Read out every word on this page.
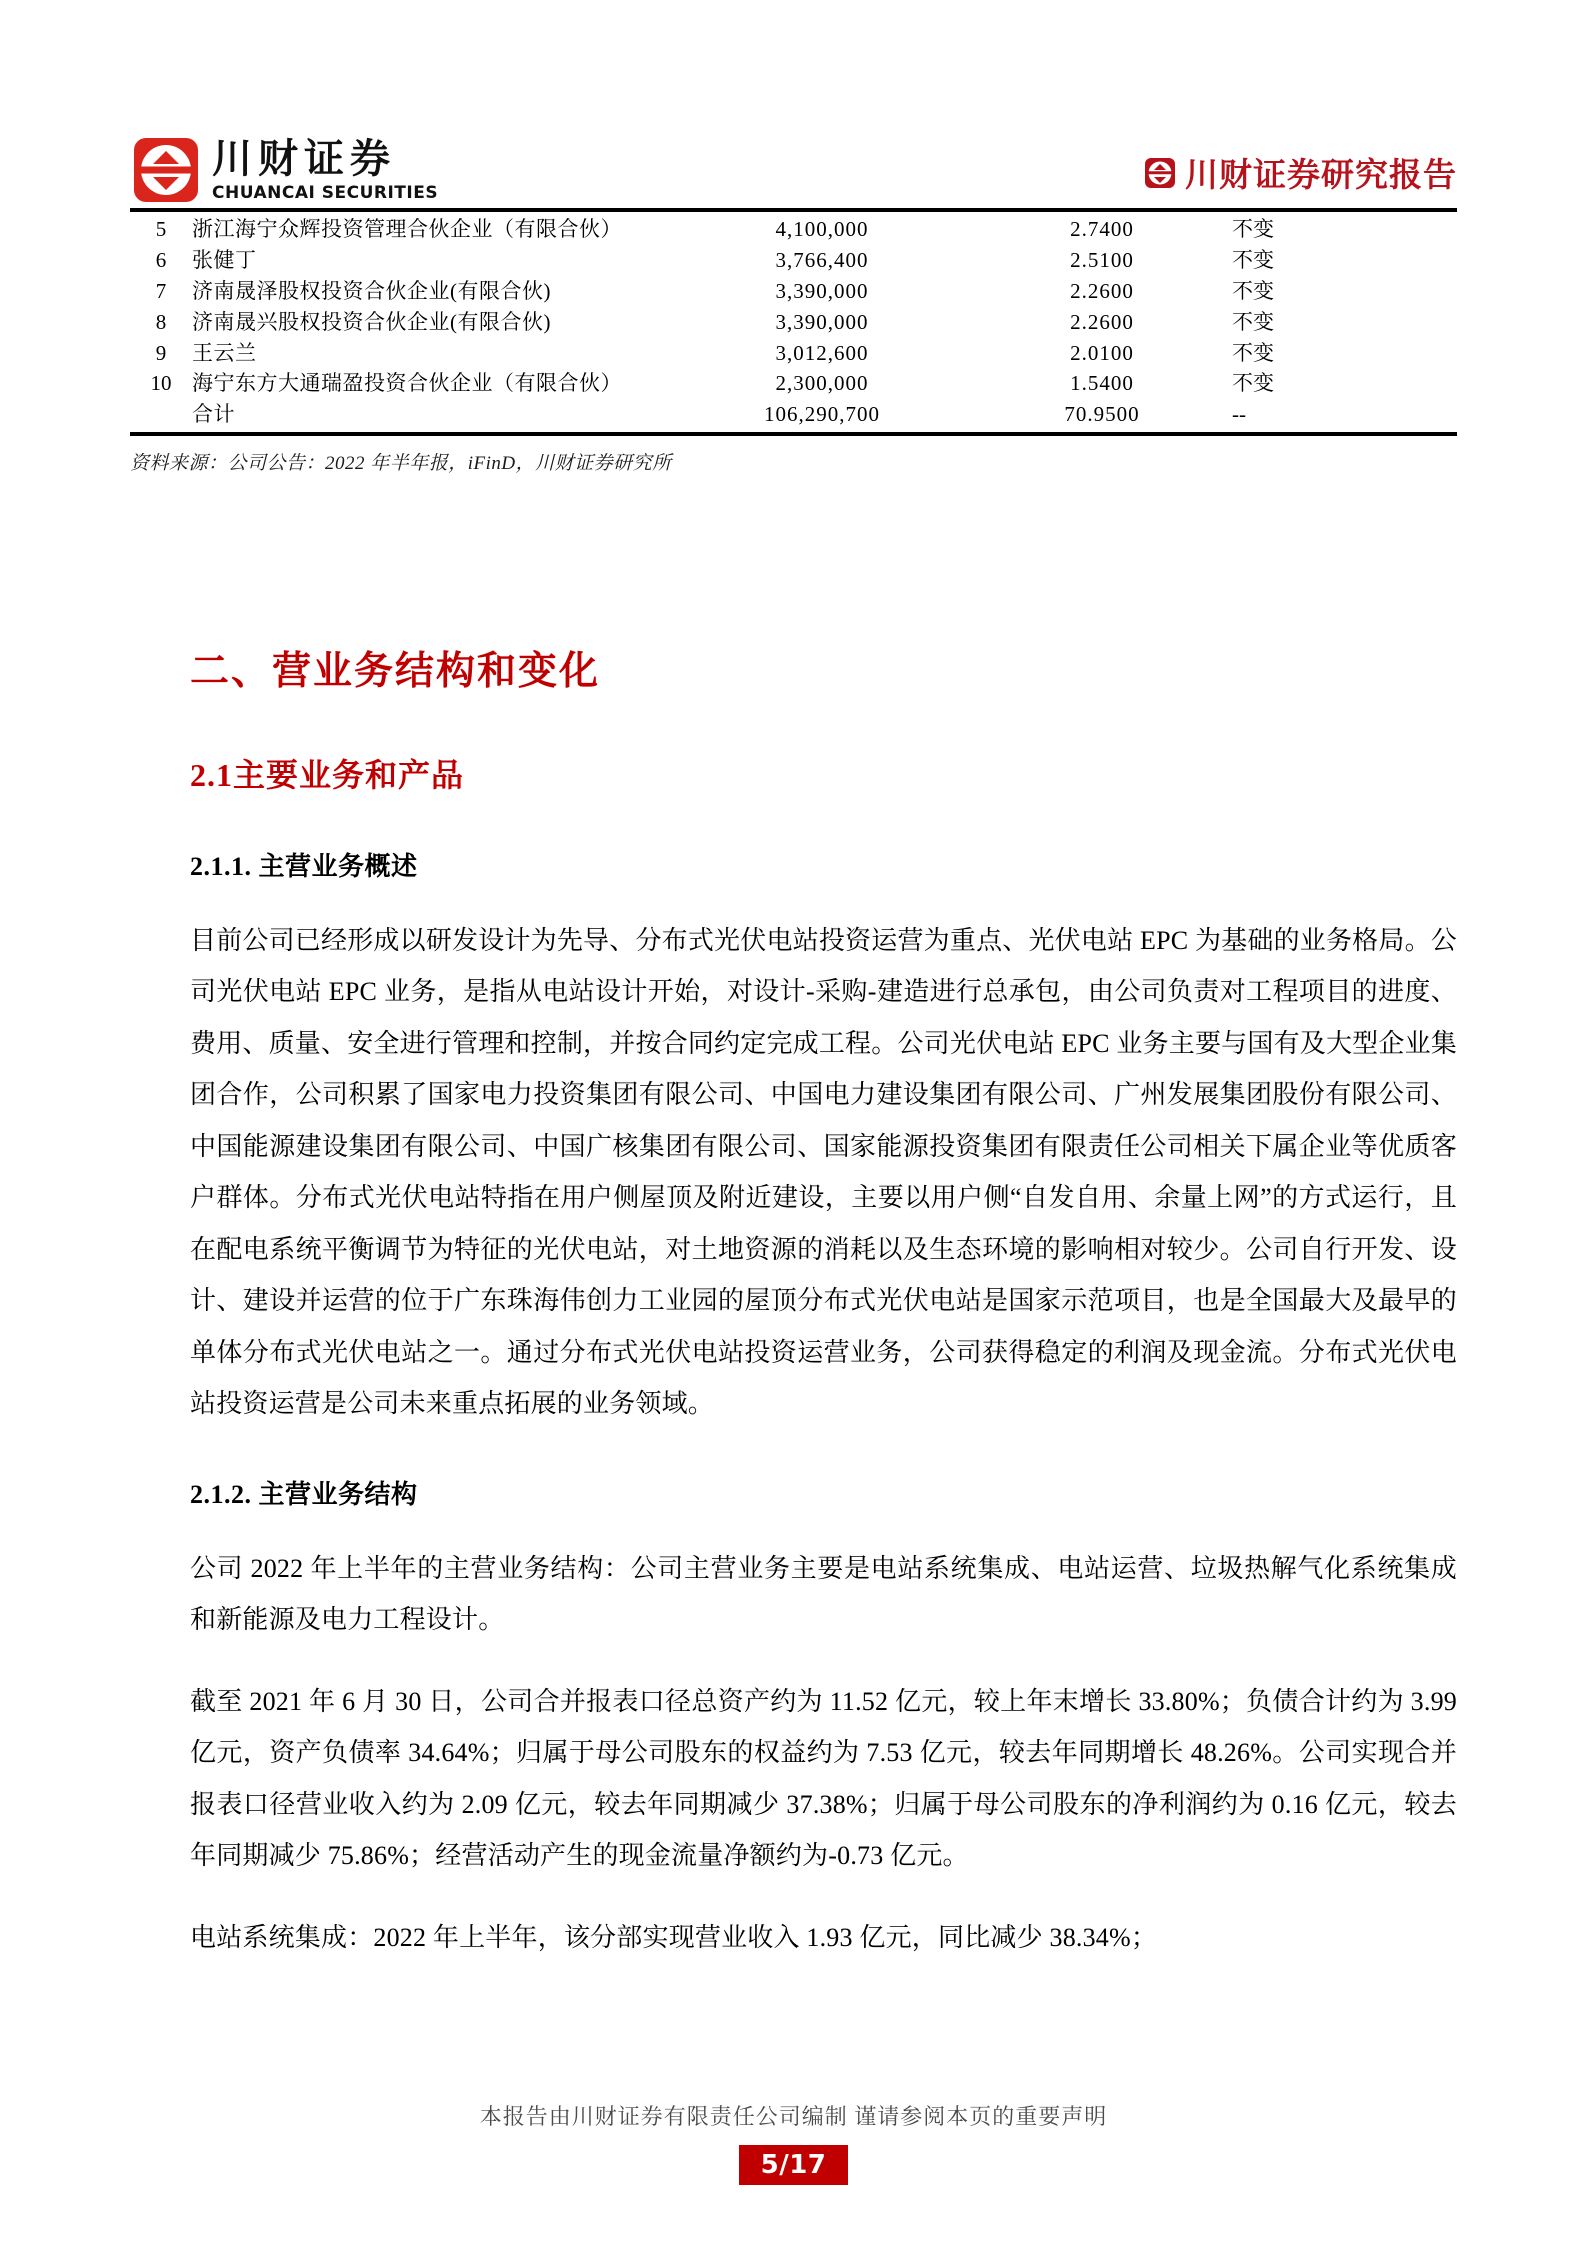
川财证券
CHUANCAI SECURITIES	川财证券研究报告
5	浙江海宁众辉投资管理合伙企业（有限合伙）	4,100,000	2.7400	不变
6	张健丁	3,766,400	2.5100	不变
7	济南晟泽股权投资合伙企业(有限合伙)	3,390,000	2.2600	不变
8	济南晟兴股权投资合伙企业(有限合伙)	3,390,000	2.2600	不变
9	王云兰	3,012,600	2.0100	不变
10	海宁东方大通瑞盈投资合伙企业（有限合伙）	2,300,000	1.5400	不变
	合计	106,290,700	70.9500	--
资料来源：公司公告：2022 年半年报，iFinD，川财证券研究所
二、营业务结构和变化
2.1主要业务和产品
2.1.1. 主营业务概述

目前公司已经形成以研发设计为先导、分布式光伏电站投资运营为重点、光伏电站 EPC 为基础的业务格局。公司光伏电站 EPC 业务，是指从电站设计开始，对设计-采购-建造进行总承包，由公司负责对工程项目的进度、费用、质量、安全进行管理和控制，并按合同约定完成工程。公司光伏电站 EPC 业务主要与国有及大型企业集团合作，公司积累了国家电力投资集团有限公司、中国电力建设集团有限公司、广州发展集团股份有限公司、中国能源建设集团有限公司、中国广核集团有限公司、国家能源投资集团有限责任公司相关下属企业等优质客户群体。分布式光伏电站特指在用户侧屋顶及附近建设，主要以用户侧“自发自用、余量上网”的方式运行，且在配电系统平衡调节为特征的光伏电站，对土地资源的消耗以及生态环境的影响相对较少。公司自行开发、设计、建设并运营的位于广东珠海伟创力工业园的屋顶分布式光伏电站是国家示范项目，也是全国最大及最早的单体分布式光伏电站之一。通过分布式光伏电站投资运营业务，公司获得稳定的利润及现金流。分布式光伏电站投资运营是公司未来重点拓展的业务领域。

2.1.2. 主营业务结构

公司 2022 年上半年的主营业务结构：公司主营业务主要是电站系统集成、电站运营、垃圾热解气化系统集成和新能源及电力工程设计。

截至 2021 年 6 月 30 日，公司合并报表口径总资产约为 11.52 亿元，较上年末增长 33.80%；负债合计约为 3.99 亿元，资产负债率 34.64%；归属于母公司股东的权益约为 7.53 亿元，较去年同期增长 48.26%。公司实现合并报表口径营业收入约为 2.09 亿元，较去年同期减少 37.38%；归属于母公司股东的净利润约为 0.16 亿元，较去年同期减少 75.86%；经营活动产生的现金流量净额约为-0.73 亿元。

电站系统集成：2022 年上半年，该分部实现营业收入 1.93 亿元，同比减少 38.34%；

本报告由川财证券有限责任公司编制 谨请参阅本页的重要声明
5/17
